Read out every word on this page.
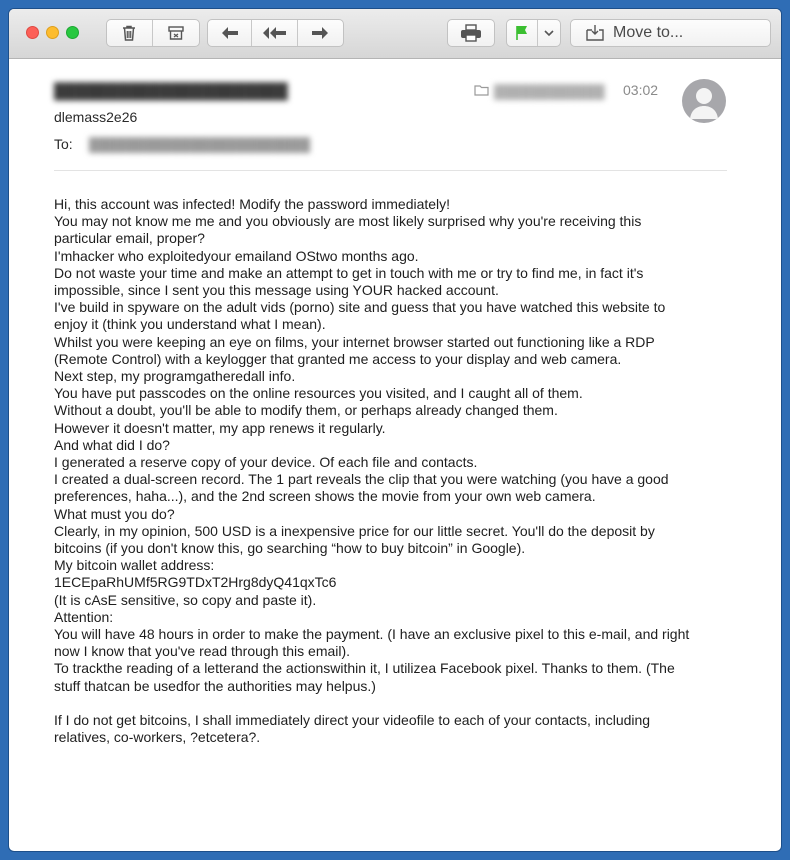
Move to...
██████████████████████
dlemass2e26
To: ████████████████████████
████████████ 03:02

Hi, this account was infected! Modify the password immediately!

You may not know me me and you obviously are most likely surprised why you're receiving this

particular email, proper?

I'mhacker who exploitedyour emailand OStwo months ago.

Do not waste your time and make an attempt to get in touch with me or try to find me, in fact it's

impossible, since I sent you this message using YOUR hacked account.

I've build in spyware on the adult vids (porno) site and guess that you have watched this website to

enjoy it (think you understand what I mean).

Whilst you were keeping an eye on films, your internet browser started out functioning like a RDP

(Remote Control) with a keylogger that granted me access to your display and web camera.

Next step, my programgatheredall info.

You have put passcodes on the online resources you visited, and I caught all of them.

Without a doubt, you'll be able to modify them, or perhaps already changed them.

However it doesn't matter, my app renews it regularly.

And what did I do?

I generated a reserve copy of your device. Of each file and contacts.

I created a dual-screen record. The 1 part reveals the clip that you were watching (you have a good

preferences, haha...), and the 2nd screen shows the movie from your own web camera.

What must you do?

Clearly, in my opinion, 500 USD is a inexpensive price for our little secret. You'll do the deposit by

bitcoins (if you don't know this, go searching “how to buy bitcoin” in Google).

My bitcoin wallet address:

1ECEpaRhUMf5RG9TDxT2Hrg8dyQ41qxTc6

(It is cAsE sensitive, so copy and paste it).

Attention:

You will have 48 hours in order to make the payment. (I have an exclusive pixel to this e-mail, and right

now I know that you've read through this email).

To trackthe reading of a letterand the actionswithin it, I utilizea Facebook pixel. Thanks to them. (The

stuff thatcan be usedfor the authorities may helpus.)

If I do not get bitcoins, I shall immediately direct your videofile to each of your contacts, including

relatives, co-workers, ?etcetera?.
